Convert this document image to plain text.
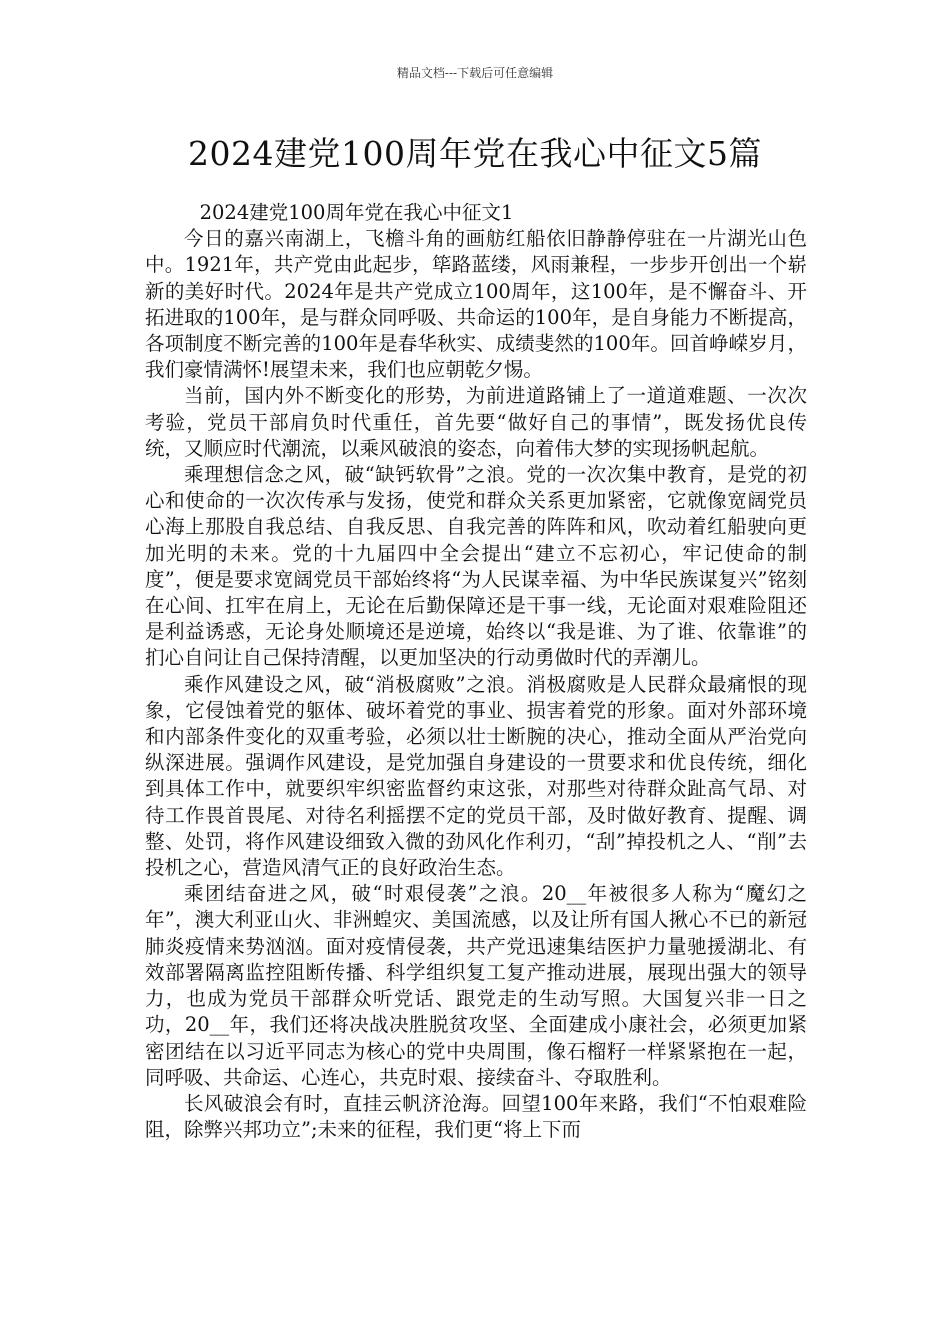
精品文档---下载后可任意编辑
2024建党100周年党在我心中征文5篇
2024建党100周年党在我心中征文1

今日的嘉兴南湖上，飞檐斗角的画舫红船依旧静静停驻在一片湖光山色中。1921年，共产党由此起步，筚路蓝缕，风雨兼程，一步步开创出一个崭新的美好时代。2024年是共产党成立100周年，这100年，是不懈奋斗、开拓进取的100年，是与群众同呼吸、共命运的100年，是自身能力不断提高，各项制度不断完善的100年是春华秋实、成绩斐然的100年。回首峥嵘岁月，我们豪情满怀!展望未来，我们也应朝乾夕惕。

当前，国内外不断变化的形势，为前进道路铺上了一道道难题、一次次考验，党员干部肩负时代重任，首先要“做好自己的事情”，既发扬优良传统，又顺应时代潮流，以乘风破浪的姿态，向着伟大梦的实现扬帆起航。

乘理想信念之风，破“缺钙软骨”之浪。党的一次次集中教育，是党的初心和使命的一次次传承与发扬，使党和群众关系更加紧密，它就像宽阔党员心海上那股自我总结、自我反思、自我完善的阵阵和风，吹动着红船驶向更加光明的未来。党的十九届四中全会提出“建立不忘初心，牢记使命的制度”，便是要求宽阔党员干部始终将“为人民谋幸福、为中华民族谋复兴”铭刻在心间、扛牢在肩上，无论在后勤保障还是干事一线，无论面对艰难险阻还是利益诱惑，无论身处顺境还是逆境，始终以“我是谁、为了谁、依靠谁”的扪心自问让自己保持清醒，以更加坚决的行动勇做时代的弄潮儿。

乘作风建设之风，破“消极腐败”之浪。消极腐败是人民群众最痛恨的现象，它侵蚀着党的躯体、破坏着党的事业、损害着党的形象。面对外部环境和内部条件变化的双重考验，必须以壮士断腕的决心，推动全面从严治党向纵深进展。强调作风建设，是党加强自身建设的一贯要求和优良传统，细化到具体工作中，就要织牢织密监督约束这张，对那些对待群众趾高气昂、对待工作畏首畏尾、对待名利摇摆不定的党员干部，及时做好教育、提醒、调整、处罚，将作风建设细致入微的劲风化作利刃，“刮”掉投机之人、“削”去投机之心，营造风清气正的良好政治生态。

乘团结奋进之风，破“时艰侵袭”之浪。20__年被很多人称为“魔幻之年”，澳大利亚山火、非洲蝗灾、美国流感，以及让所有国人揪心不已的新冠肺炎疫情来势汹汹。面对疫情侵袭，共产党迅速集结医护力量驰援湖北、有效部署隔离监控阻断传播、科学组织复工复产推动进展，展现出强大的领导力，也成为党员干部群众听党话、跟党走的生动写照。大国复兴非一日之功，20__年，我们还将决战决胜脱贫攻坚、全面建成小康社会，必须更加紧密团结在以习近平同志为核心的党中央周围，像石榴籽一样紧紧抱在一起，同呼吸、共命运、心连心，共克时艰、接续奋斗、夺取胜利。

长风破浪会有时，直挂云帆济沧海。回望100年来路，我们“不怕艰难险阻，除弊兴邦功立”;未来的征程，我们更“将上下而
